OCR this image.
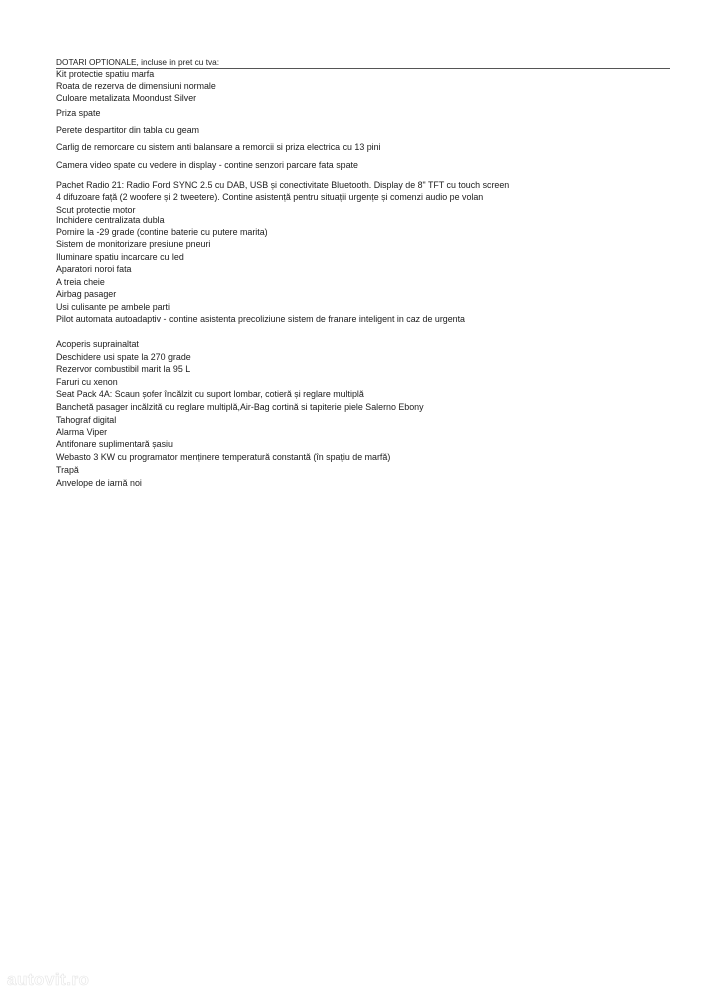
DOTARI OPTIONALE, incluse in pret cu tva:
Kit protectie spatiu marfa
Roata de rezerva de dimensiuni normale
Culoare metalizata Moondust Silver
Priza spate
Perete despartitor din tabla cu geam
Carlig de remorcare cu sistem anti balansare a remorcii si priza electrica cu 13 pini
Camera video spate cu vedere in display - contine senzori parcare fata spate
Pachet Radio 21: Radio Ford SYNC 2.5 cu DAB, USB și conectivitate Bluetooth. Display de 8" TFT cu touch screen
4 difuzoare față (2 woofere și 2 tweetere). Contine asistență pentru situații urgențe și comenzi audio pe volan
Scut protectie motor
Inchidere centralizata dubla
Pornire la -29 grade (contine baterie cu putere marita)
Sistem de monitorizare presiune pneuri
Iluminare spatiu incarcare cu led
Aparatori noroi fata
A treia cheie
Airbag pasager
Usi culisante pe ambele parti
Pilot automata autoadaptiv - contine asistenta precoliziune sistem de franare inteligent in caz de urgenta
Acoperis suprainaltat
Deschidere usi spate la 270 grade
Rezervor combustibil marit la 95 L
Faruri cu xenon
Seat Pack 4A: Scaun șofer încălzit cu suport lombar, cotieră și reglare multiplă
Banchetă pasager incălzită cu reglare multiplă,Air-Bag cortină si tapiterie piele Salerno Ebony
Tahograf digital
Alarma Viper
Antifonare suplimentară șasiu
Webasto 3 KW cu programator menținere temperatură constantă (în spațiu de marfă)
Trapă
Anvelope de iarnă noi
autovit.ro
